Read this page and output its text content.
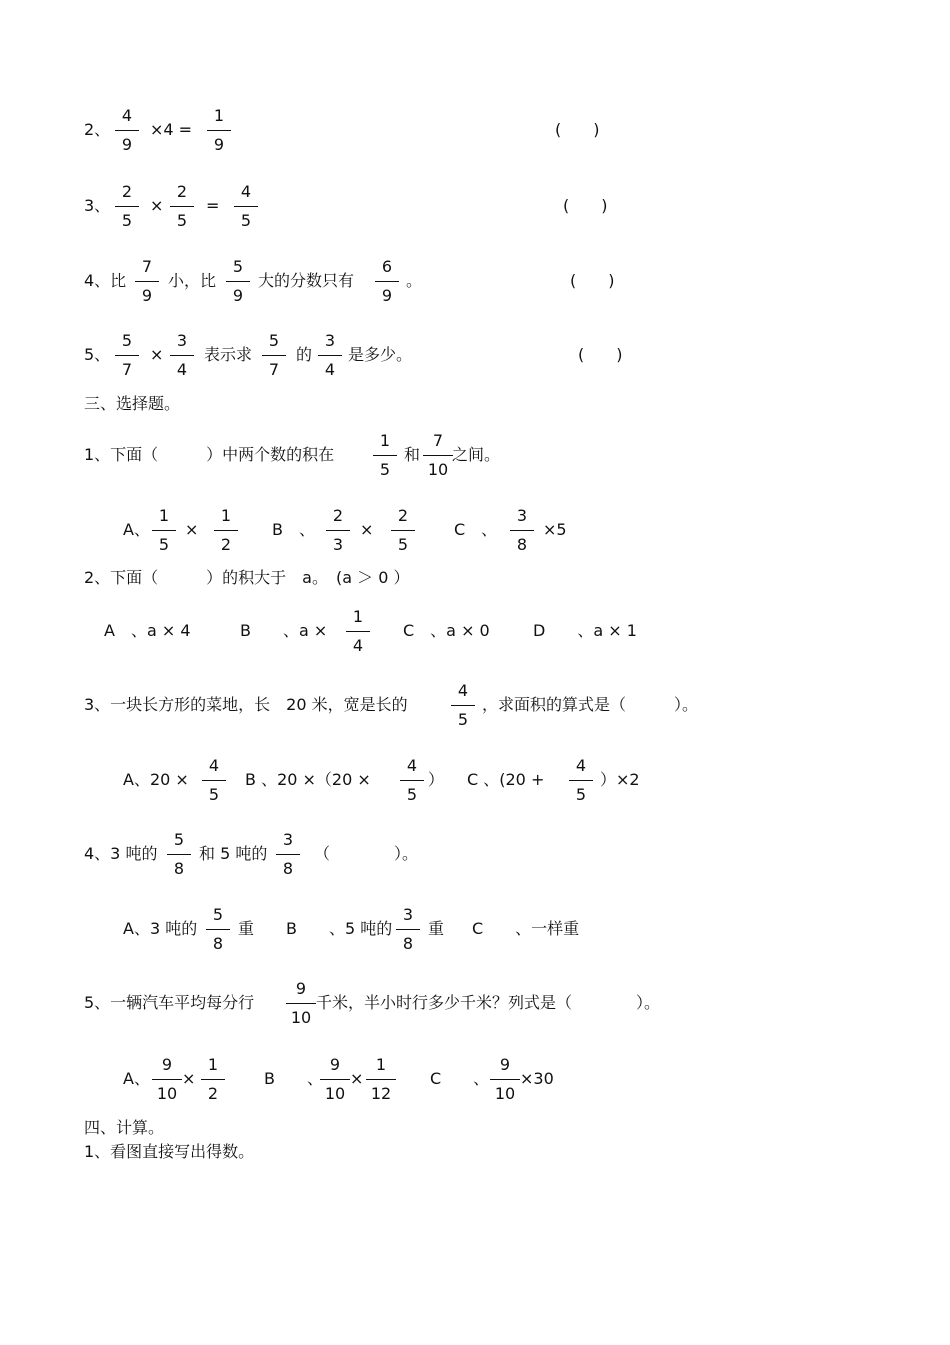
2、
4
9
×4 =
1
9
(　　)
3、
2
5
×
2
5
=
4
5
(　　)
4、比
7
9
小，比
5
9
大的分数只有
6
9
。	(　　)
5、
5
7
×
3
4
表示求
5
7
的
3
4
是多少。	(　　)
三、选择题。
1、下面（　　　）中两个数的积在
1
5
和
7
10
之间。
A、
1
5
×
1
2
B　、
2
3
×
2
5
C　、
3
8
×5
2、下面（　　　）的积大于　a。　(a ＞ 0 ）
A　、a × 4	B　　、a ×
1
4
C　、a × 0	D　　、a × 1
3、一块长方形的菜地，长　20 米，宽是长的
4
5
，求面积的算式是（　　　）。
A、20 ×
4
5
B 、20 ×（20 ×
4
5
） C 、(20 +
4
5
）×2
4、3 吨的
5
8
和 5 吨的
3
8
（　　　　）。
A、3 吨的
5
8
重 B　　、5 吨的
3
8
重 C　　、一样重
5、一辆汽车平均每分行
9
10
千米，半小时行多少千米？列式是（　　　　）。
A、
9
10
×
1
2
B　　、
9
10
×
1
12
C　　、
9
10
×30
四、计算。
1、看图直接写出得数。
